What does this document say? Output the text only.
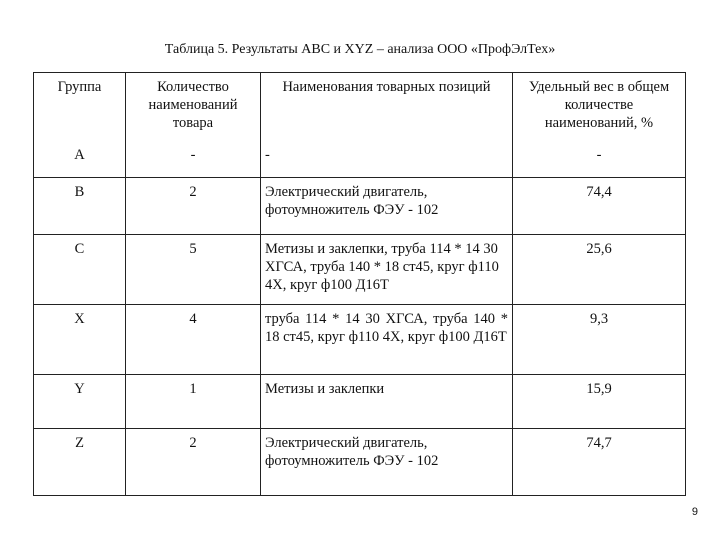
Таблица 5. Результаты АВС и XYZ – анализа ООО «ПрофЭлТех»
Группа	Количество наименований товара	Наименования товарных позиций	Удельный вес в общем количестве наименований, %
А	-	-	-
В	2	Электрический двигатель, фотоумножитель ФЭУ - 102	74,4
С	5	Метизы и заклепки, труба 114 * 14 30 ХГСА, труба 140 * 18 ст45, круг ф110 4Х, круг ф100 Д16Т	25,6
X	4	труба 114 * 14 30 ХГСА, труба 140 * 18 ст45, круг ф110 4Х, круг ф100 Д16Т	9,3
Y	1	Метизы и заклепки	15,9
Z	2	Электрический двигатель, фотоумножитель ФЭУ - 102	74,7
9
